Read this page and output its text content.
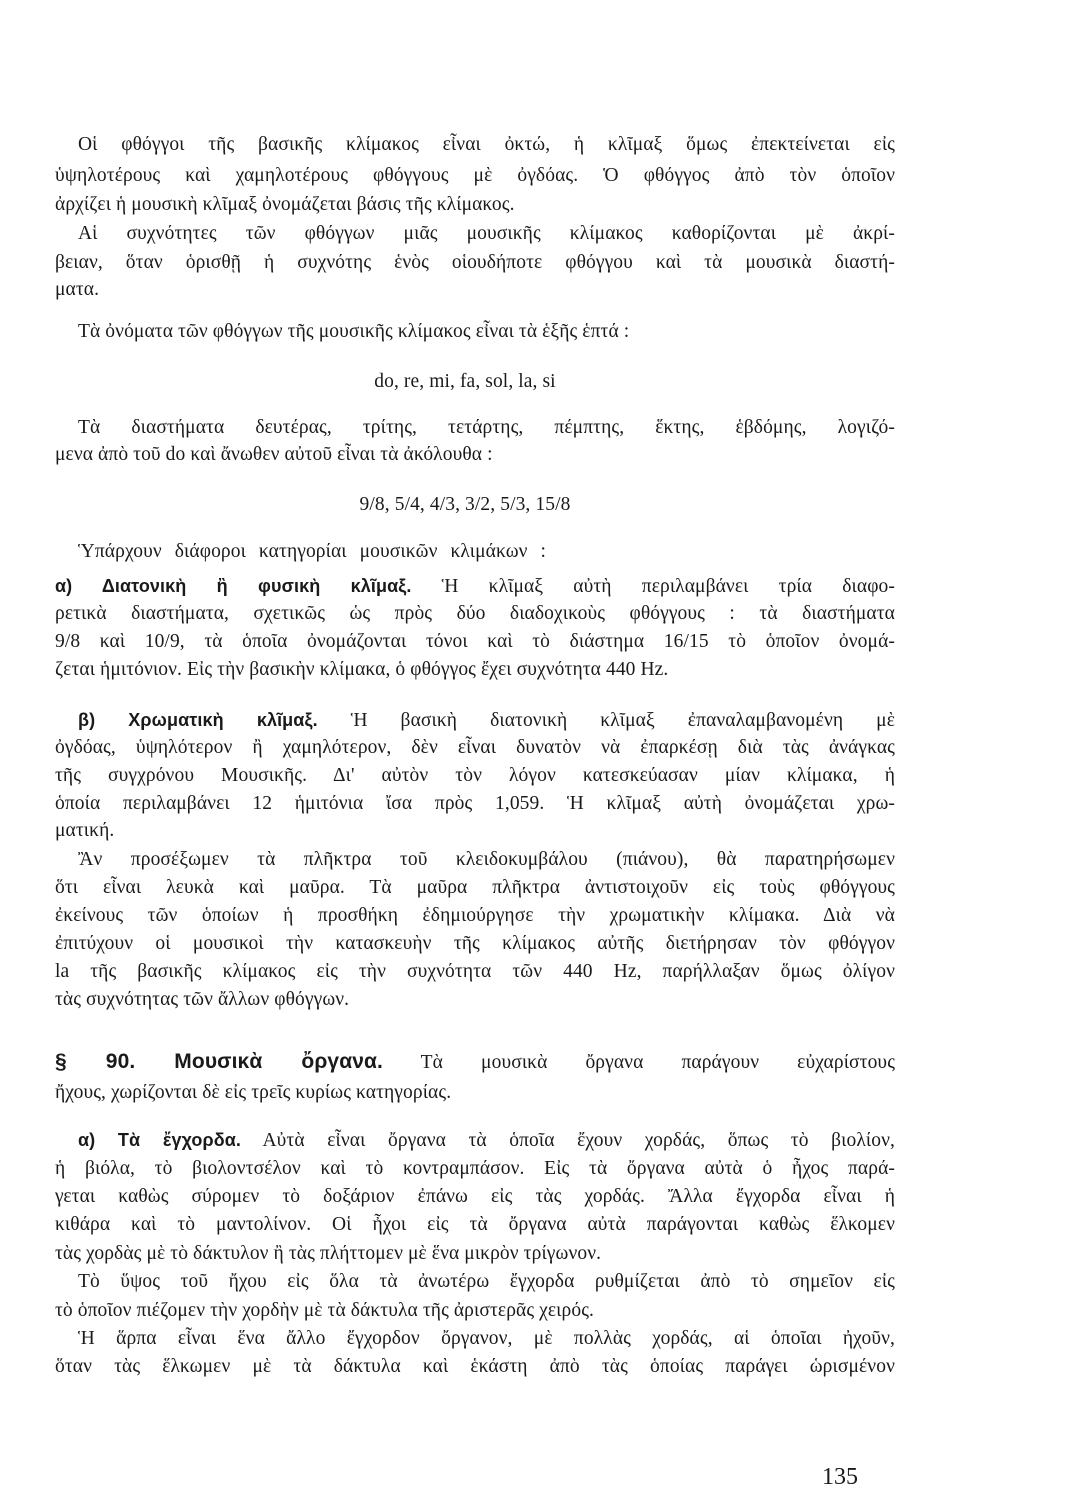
Οἱ φθόγγοι τῆς βασικῆς κλίμακος εἶναι ὀκτώ, ἡ κλῖμαξ ὅμως ἐπεκτείνεται εἰς
ὑψηλοτέρους καὶ χαμηλοτέρους φθόγγους μὲ ὀγδόας. Ὁ φθόγγος ἀπὸ τὸν ὁποῖον
ἀρχίζει ἡ μουσικὴ κλῖμαξ ὀνομάζεται βάσις τῆς κλίμακος.
Αἱ συχνότητες τῶν φθόγγων μιᾶς μουσικῆς κλίμακος καθορίζονται μὲ ἀκρί-
βειαν, ὅταν ὁρισθῇ ἡ συχνότης ἑνὸς οἱουδήποτε φθόγγου καὶ τὰ μουσικὰ διαστή-
ματα.
Τὰ ὀνόματα τῶν φθόγγων τῆς μουσικῆς κλίμακος εἶναι τὰ ἑξῆς ἑπτά :
do, re, mi, fa, sol, la, si
Τὰ διαστήματα δευτέρας, τρίτης, τετάρτης, πέμπτης, ἕκτης, ἑβδόμης, λογιζό-
μενα ἀπὸ τοῦ do καὶ ἄνωθεν αὐτοῦ εἶναι τὰ ἀκόλουθα :
9/8, 5/4, 4/3, 3/2, 5/3, 15/8
Ὑπάρχουν διάφοροι κατηγορίαι μουσικῶν κλιμάκων :
α) Διατονικὴ ἢ φυσικὴ κλῖμαξ. Ἡ κλῖμαξ αὐτὴ περιλαμβάνει τρία διαφο-
ρετικὰ διαστήματα, σχετικῶς ὡς πρὸς δύο διαδοχικοὺς φθόγγους : τὰ διαστήματα
9/8 καὶ 10/9, τὰ ὁποῖα ὀνομάζονται τόνοι καὶ τὸ διάστημα 16/15 τὸ ὁποῖον ὀνομά-
ζεται ἡμιτόνιον. Εἰς τὴν βασικὴν κλίμακα, ὁ φθόγγος ἔχει συχνότητα 440 Hz.
β) Χρωματικὴ κλῖμαξ. Ἡ βασικὴ διατονικὴ κλῖμαξ ἐπαναλαμβανομένη μὲ
ὀγδόας, ὑψηλότερον ἢ χαμηλότερον, δὲν εἶναι δυνατὸν νὰ ἐπαρκέσῃ διὰ τὰς ἀνάγκας
τῆς συγχρόνου Μουσικῆς. Δι' αὐτὸν τὸν λόγον κατεσκεύασαν μίαν κλίμακα, ἡ
ὁποία περιλαμβάνει 12 ἡμιτόνια ἴσα πρὸς 1,059. Ἡ κλῖμαξ αὐτὴ ὀνομάζεται χρω-
ματική.
Ἂν προσέξωμεν τὰ πλῆκτρα τοῦ κλειδοκυμβάλου (πιάνου), θὰ παρατηρήσωμεν
ὅτι εἶναι λευκὰ καὶ μαῦρα. Τὰ μαῦρα πλῆκτρα ἀντιστοιχοῦν εἰς τοὺς φθόγγους
ἐκείνους τῶν ὁποίων ἡ προσθήκη ἐδημιούργησε τὴν χρωματικὴν κλίμακα. Διὰ νὰ
ἐπιτύχουν οἱ μουσικοὶ τὴν κατασκευὴν τῆς κλίμακος αὐτῆς διετήρησαν τὸν φθόγγον
la τῆς βασικῆς κλίμακος εἰς τὴν συχνότητα τῶν 440 Hz, παρήλλαξαν ὅμως ὀλίγον
τὰς συχνότητας τῶν ἄλλων φθόγγων.
§ 90. Μουσικὰ ὄργανα. Τὰ μουσικὰ ὄργανα παράγουν εὐχαρίστους
ἤχους, χωρίζονται δὲ εἰς τρεῖς κυρίως κατηγορίας.
α) Τὰ ἔγχορδα. Αὐτὰ εἶναι ὄργανα τὰ ὁποῖα ἔχουν χορδάς, ὅπως τὸ βιολίον,
ἡ βιόλα, τὸ βιολοντσέλον καὶ τὸ κοντραμπάσον. Εἰς τὰ ὄργανα αὐτὰ ὁ ἦχος παρά-
γεται καθὼς σύρομεν τὸ δοξάριον ἐπάνω εἰς τὰς χορδάς. Ἄλλα ἔγχορδα εἶναι ἡ
κιθάρα καὶ τὸ μαντολίνον. Οἱ ἦχοι εἰς τὰ ὄργανα αὐτὰ παράγονται καθὼς ἕλκομεν
τὰς χορδὰς μὲ τὸ δάκτυλον ἢ τὰς πλήττομεν μὲ ἕνα μικρὸν τρίγωνον.
Τὸ ὕψος τοῦ ἤχου εἰς ὅλα τὰ ἀνωτέρω ἔγχορδα ρυθμίζεται ἀπὸ τὸ σημεῖον εἰς
τὸ ὁποῖον πιέζομεν τὴν χορδὴν μὲ τὰ δάκτυλα τῆς ἀριστερᾶς χειρός.
Ἡ ἅρπα εἶναι ἕνα ἄλλο ἔγχορδον ὄργανον, μὲ πολλὰς χορδάς, αἱ ὁποῖαι ἠχοῦν,
ὅταν τὰς ἕλκωμεν μὲ τὰ δάκτυλα καὶ ἑκάστη ἀπὸ τὰς ὁποίας παράγει ὡρισμένον
135
